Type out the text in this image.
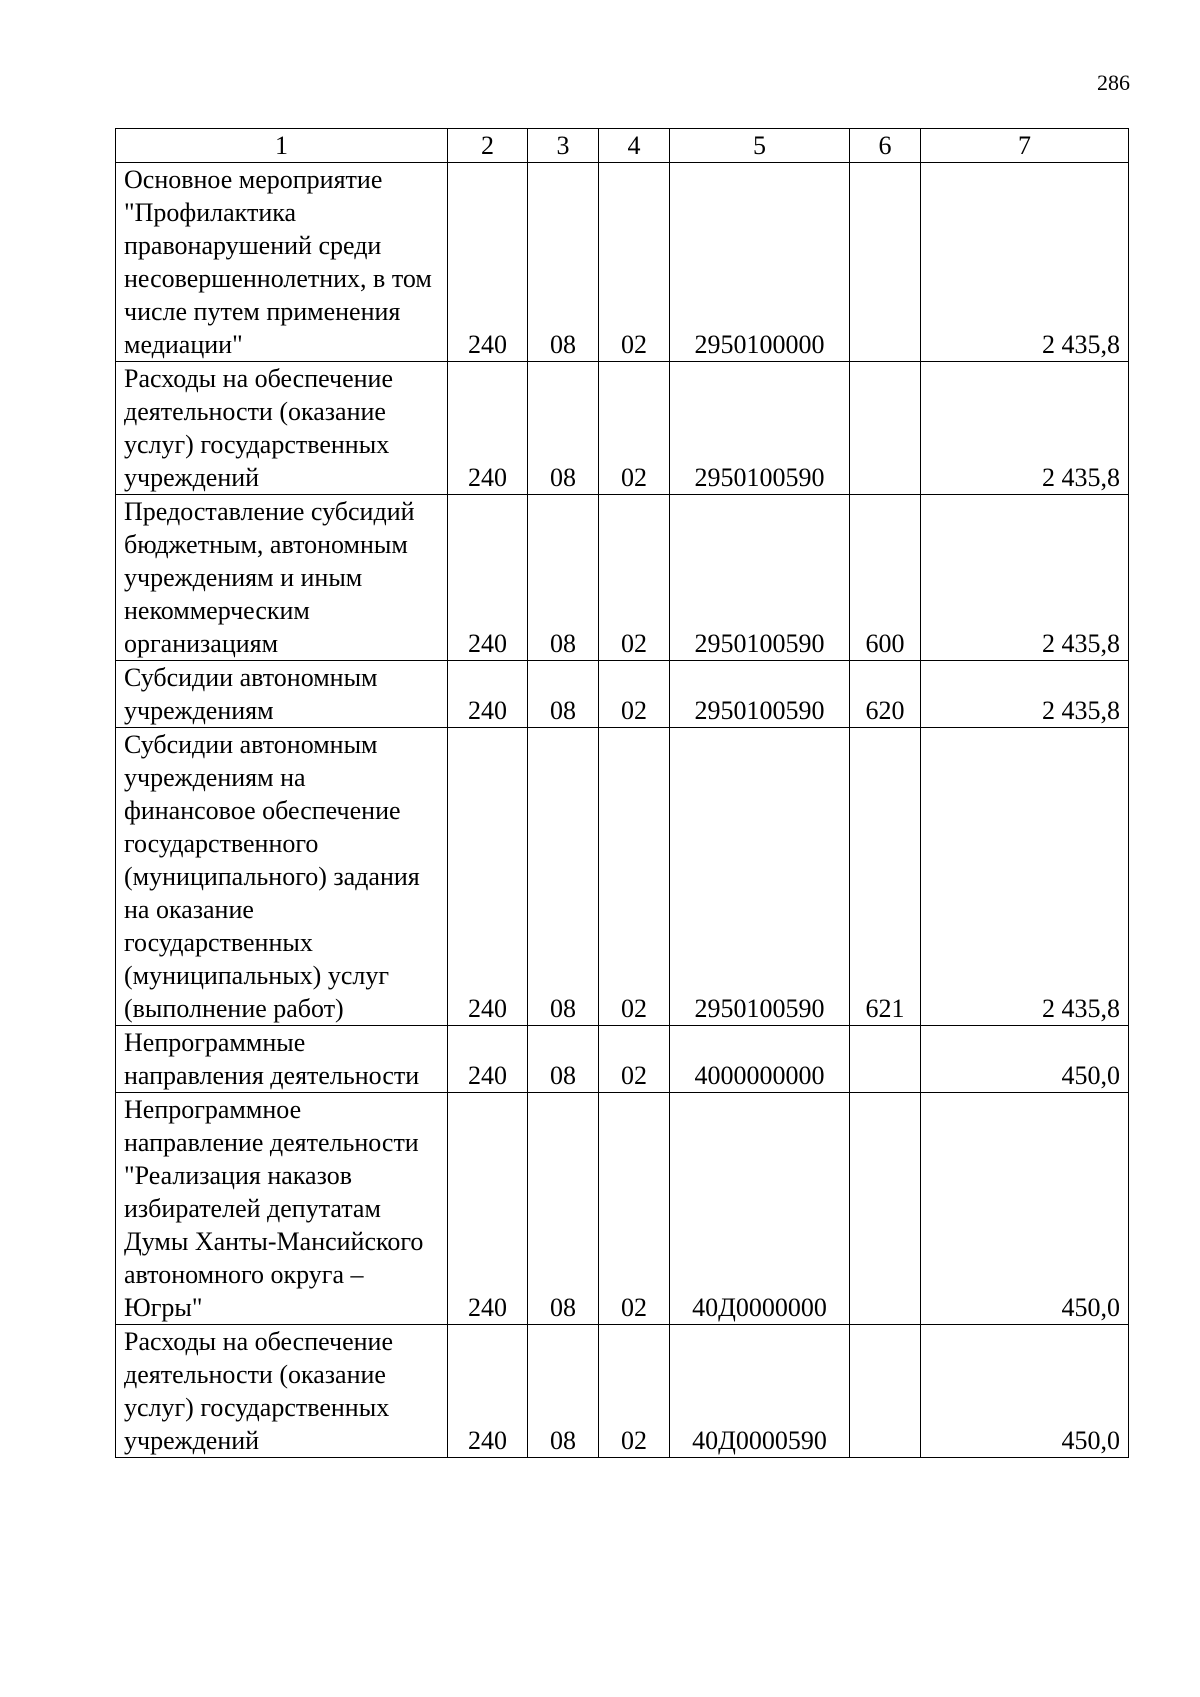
286
1	2	3	4	5	6	7
Основное мероприятие "Профилактика правонарушений среди несовершеннолетних, в том числе путем применения медиации"	240	08	02	2950100000		2 435,8
Расходы на обеспечение деятельности (оказание услуг) государственных учреждений	240	08	02	2950100590		2 435,8
Предоставление субсидий бюджетным, автономным учреждениям и иным некоммерческим организациям	240	08	02	2950100590	600	2 435,8
Субсидии автономным учреждениям	240	08	02	2950100590	620	2 435,8
Субсидии автономным учреждениям на финансовое обеспечение государственного (муниципального) задания на оказание государственных (муниципальных) услуг (выполнение работ)	240	08	02	2950100590	621	2 435,8
Непрограммные направления деятельности	240	08	02	4000000000		450,0
Непрограммное направление деятельности "Реализация наказов избирателей депутатам Думы Ханты-Мансийского автономного округа – Югры"	240	08	02	40Д0000000		450,0
Расходы на обеспечение деятельности (оказание услуг) государственных учреждений	240	08	02	40Д0000590		450,0
